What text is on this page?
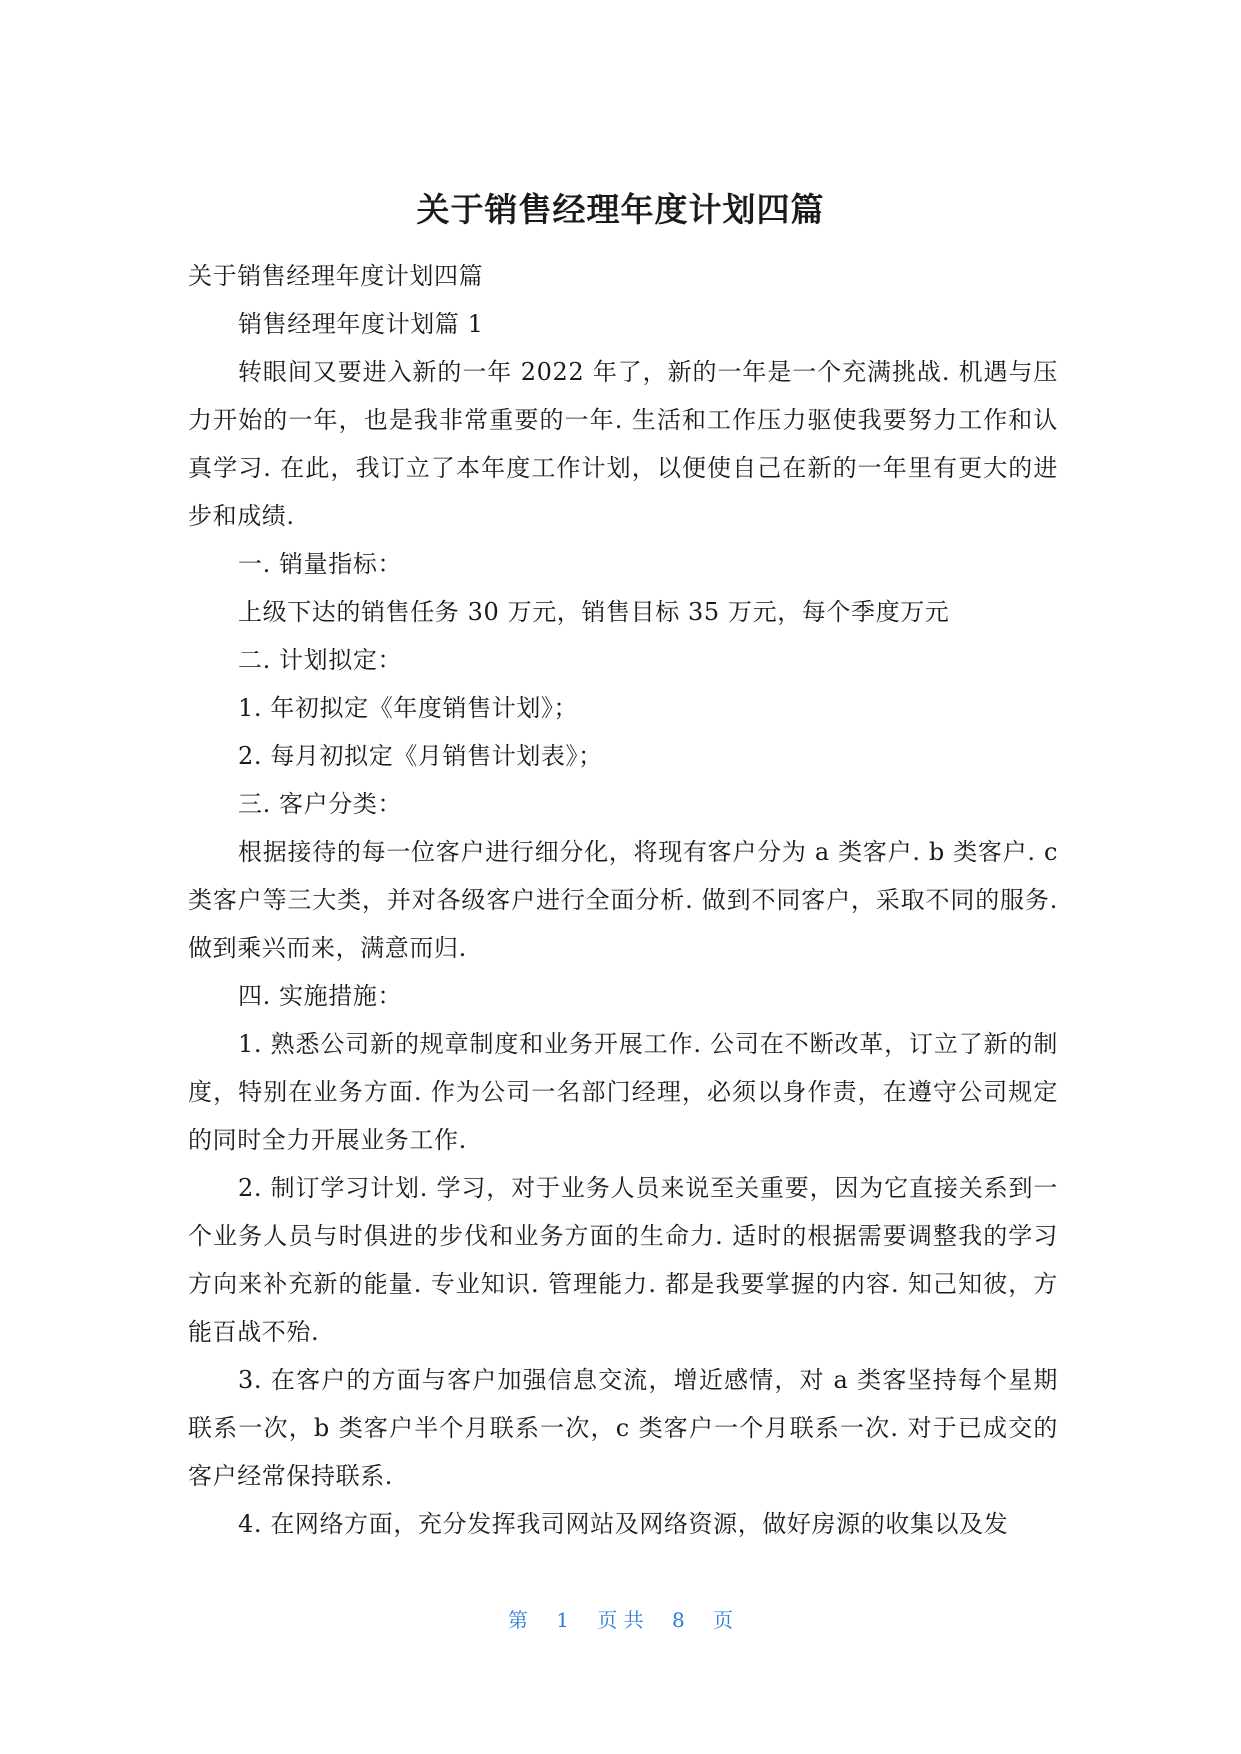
关于销售经理年度计划四篇

关于销售经理年度计划四篇

销售经理年度计划篇 1

转眼间又要进入新的一年 2022 年了，新的一年是一个充满挑战. 机遇与压力开始的一年，也是我非常重要的一年. 生活和工作压力驱使我要努力工作和认真学习. 在此，我订立了本年度工作计划，以便使自己在新的一年里有更大的进步和成绩.

一. 销量指标：

上级下达的销售任务 30 万元，销售目标 35 万元，每个季度万元

二. 计划拟定：

1. 年初拟定《年度销售计划》；

2. 每月初拟定《月销售计划表》；

三. 客户分类：

根据接待的每一位客户进行细分化，将现有客户分为 a 类客户. b 类客户. c 类客户等三大类，并对各级客户进行全面分析. 做到不同客户，采取不同的服务. 做到乘兴而来，满意而归.

四. 实施措施：

1. 熟悉公司新的规章制度和业务开展工作. 公司在不断改革，订立了新的制度，特别在业务方面. 作为公司一名部门经理，必须以身作责，在遵守公司规定的同时全力开展业务工作.

2. 制订学习计划. 学习，对于业务人员来说至关重要，因为它直接关系到一个业务人员与时俱进的步伐和业务方面的生命力. 适时的根据需要调整我的学习方向来补充新的能量. 专业知识. 管理能力. 都是我要掌握的内容. 知己知彼，方能百战不殆.

3. 在客户的方面与客户加强信息交流，增近感情，对 a 类客坚持每个星期联系一次，b 类客户半个月联系一次，c 类客户一个月联系一次. 对于已成交的客户经常保持联系.

4. 在网络方面，充分发挥我司网站及网络资源，做好房源的收集以及发

第 1 页 共 8 页
